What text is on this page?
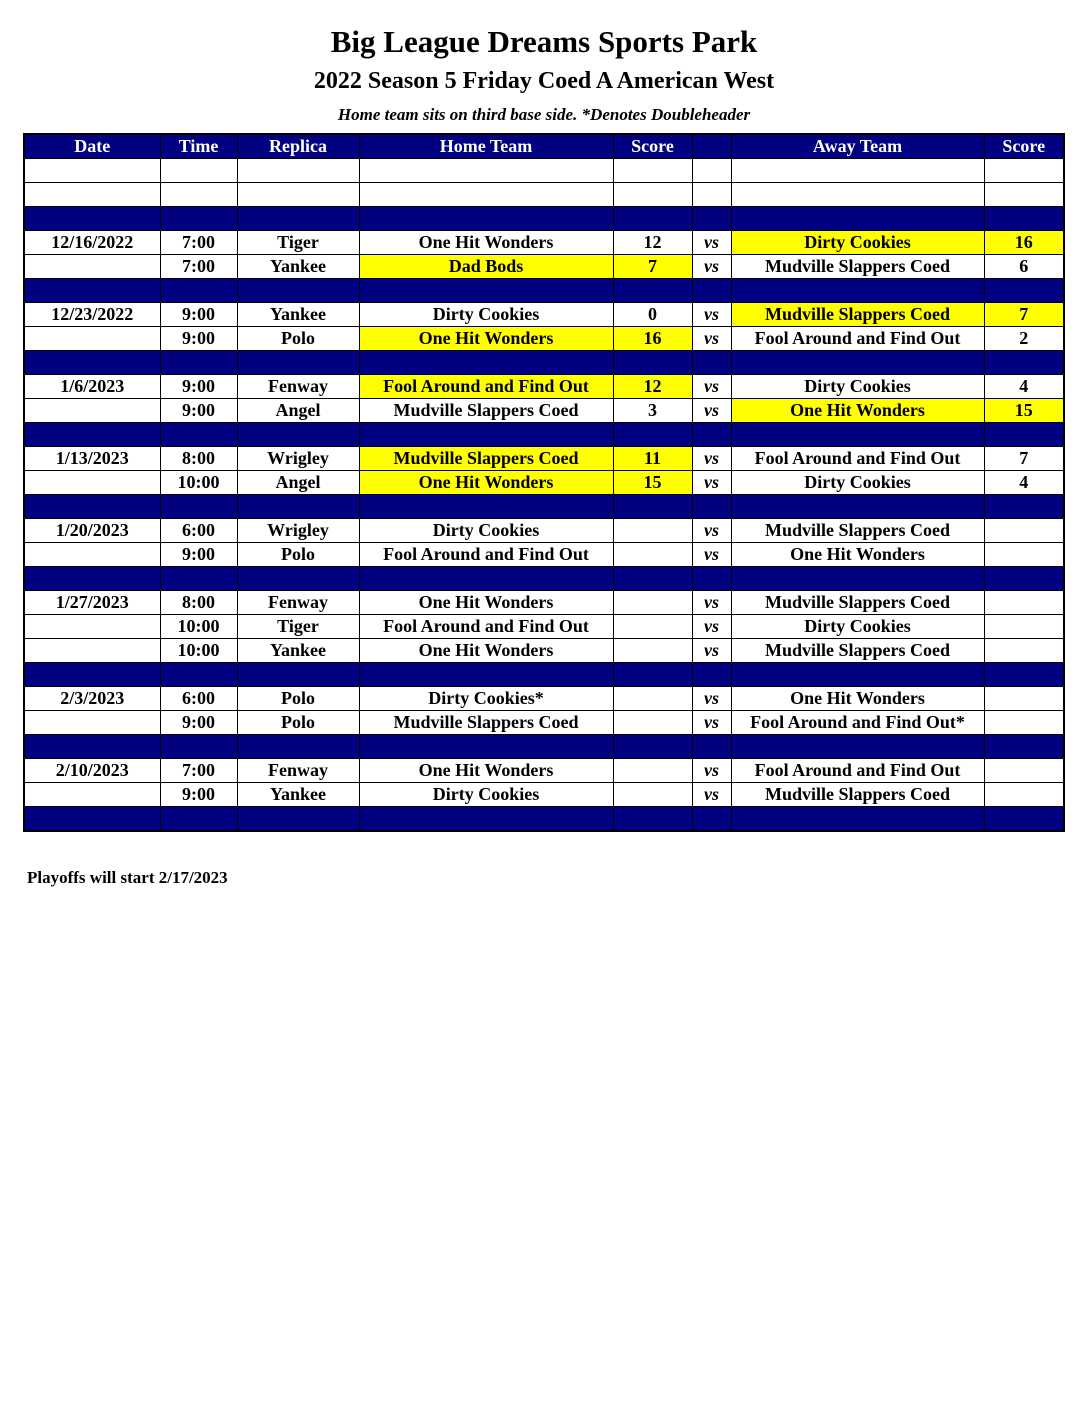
Big League Dreams Sports Park
2022 Season 5 Friday Coed A American West
Home team sits on third base side. *Denotes Doubleheader
Date	Time	Replica	Home Team	Score		Away Team	Score

12/16/2022	7:00	Tiger	One Hit Wonders	12	vs	Dirty Cookies	16
	7:00	Yankee	Dad Bods	7	vs	Mudville Slappers Coed	6

12/23/2022	9:00	Yankee	Dirty Cookies	0	vs	Mudville Slappers Coed	7
	9:00	Polo	One Hit Wonders	16	vs	Fool Around and Find Out	2

1/6/2023	9:00	Fenway	Fool Around and Find Out	12	vs	Dirty Cookies	4
	9:00	Angel	Mudville Slappers Coed	3	vs	One Hit Wonders	15

1/13/2023	8:00	Wrigley	Mudville Slappers Coed	11	vs	Fool Around and Find Out	7
	10:00	Angel	One Hit Wonders	15	vs	Dirty Cookies	4

1/20/2023	6:00	Wrigley	Dirty Cookies		vs	Mudville Slappers Coed	
	9:00	Polo	Fool Around and Find Out		vs	One Hit Wonders	

1/27/2023	8:00	Fenway	One Hit Wonders		vs	Mudville Slappers Coed	
	10:00	Tiger	Fool Around and Find Out		vs	Dirty Cookies	
	10:00	Yankee	One Hit Wonders		vs	Mudville Slappers Coed	

2/3/2023	6:00	Polo	Dirty Cookies*		vs	One Hit Wonders	
	9:00	Polo	Mudville Slappers Coed		vs	Fool Around and Find Out*	

2/10/2023	7:00	Fenway	One Hit Wonders		vs	Fool Around and Find Out	
	9:00	Yankee	Dirty Cookies		vs	Mudville Slappers Coed	

Playoffs will start 2/17/2023
